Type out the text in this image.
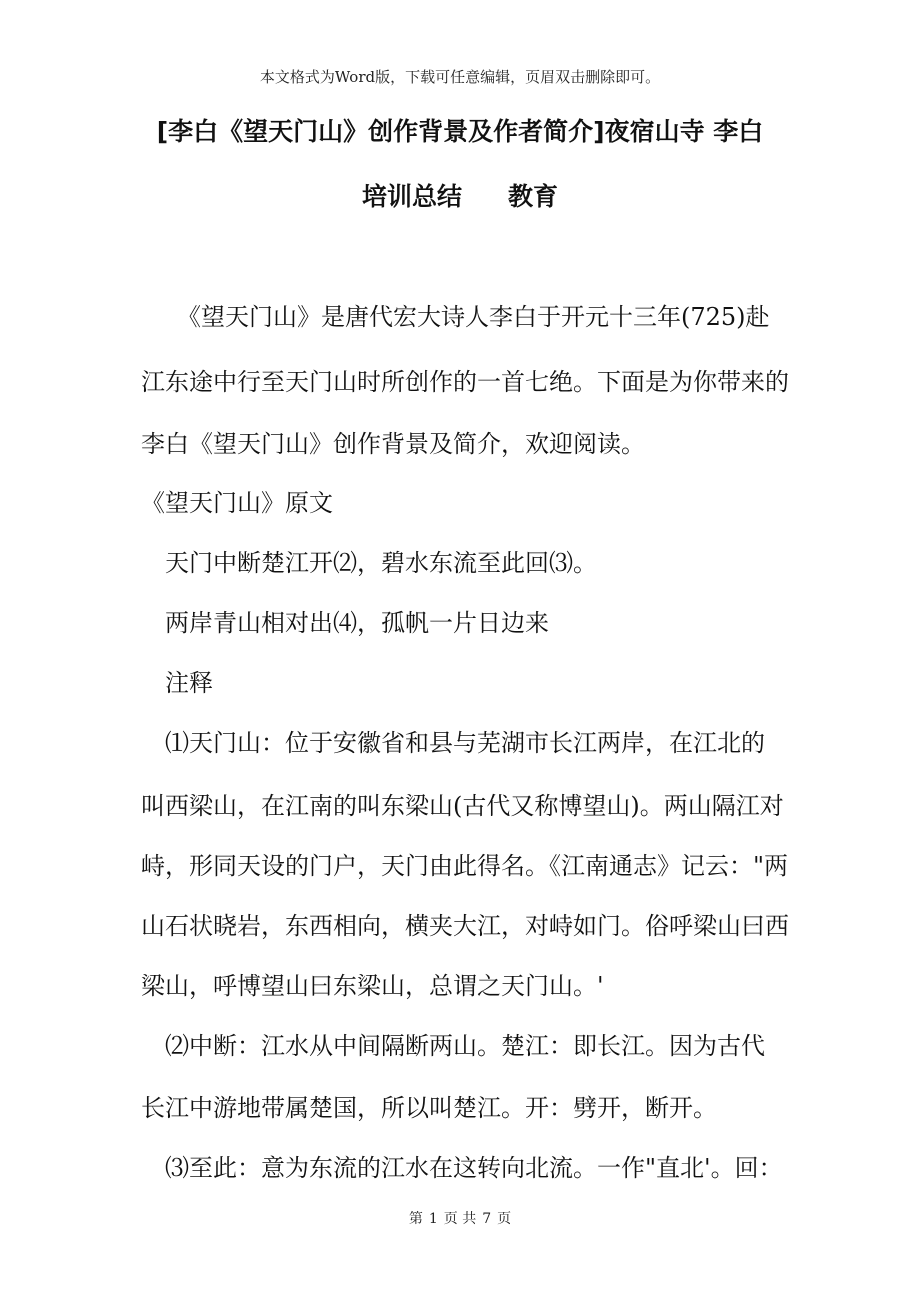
本文格式为Word版，下载可任意编辑，页眉双击删除即可。
[李白《望天门山》创作背景及作者简介]夜宿山寺 李白
培训总结 教育
　　《望天门山》是唐代宏大诗人李白于开元十三年(725)赴
江东途中行至天门山时所创作的一首七绝。下面是为你带来的
李白《望天门山》创作背景及简介，欢迎阅读。
《望天门山》原文
　天门中断楚江开⑵，碧水东流至此回⑶。
　两岸青山相对出⑷，孤帆一片日边来
　注释
　⑴天门山：位于安徽省和县与芜湖市长江两岸，在江北的
叫西梁山，在江南的叫东梁山(古代又称博望山)。两山隔江对
峙，形同天设的门户，天门由此得名。《江南通志》记云："两
山石状晓岩，东西相向，横夹大江，对峙如门。俗呼梁山曰西
梁山，呼博望山曰东梁山，总谓之天门山。'
　⑵中断：江水从中间隔断两山。楚江：即长江。因为古代
长江中游地带属楚国，所以叫楚江。开：劈开，断开。
　⑶至此：意为东流的江水在这转向北流。一作"直北'。回：
第 1 页 共 7 页
